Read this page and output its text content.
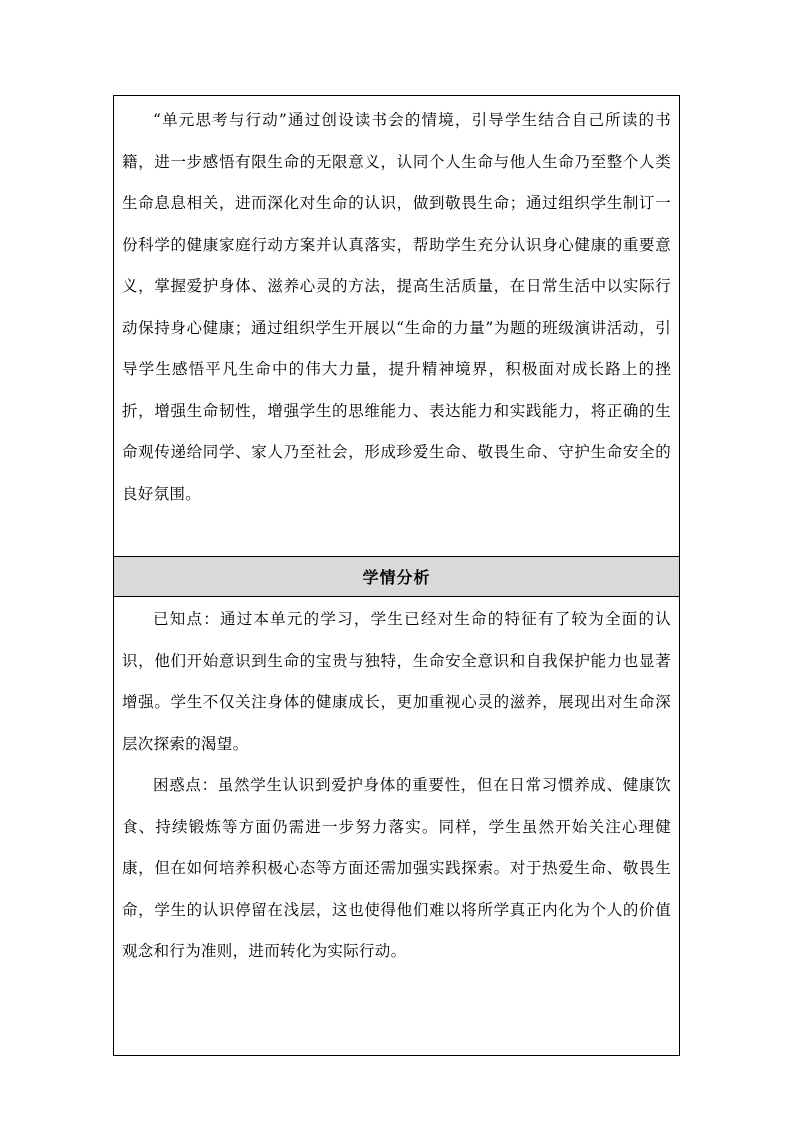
“单元思考与行动”通过创设读书会的情境，引导学生结合自己所读的书籍，进一步感悟有限生命的无限意义，认同个人生命与他人生命乃至整个人类生命息息相关，进而深化对生命的认识，做到敬畏生命；通过组织学生制订一份科学的健康家庭行动方案并认真落实，帮助学生充分认识身心健康的重要意义，掌握爱护身体、滋养心灵的方法，提高生活质量，在日常生活中以实际行动保持身心健康；通过组织学生开展以“生命的力量”为题的班级演讲活动，引导学生感悟平凡生命中的伟大力量，提升精神境界，积极面对成长路上的挫折，增强生命韧性，增强学生的思维能力、表达能力和实践能力，将正确的生命观传递给同学、家人乃至社会，形成珍爱生命、敬畏生命、守护生命安全的良好氛围。

学情分析

已知点：通过本单元的学习，学生已经对生命的特征有了较为全面的认识，他们开始意识到生命的宝贵与独特，生命安全意识和自我保护能力也显著增强。学生不仅关注身体的健康成长，更加重视心灵的滋养，展现出对生命深层次探索的渴望。

困惑点：虽然学生认识到爱护身体的重要性，但在日常习惯养成、健康饮食、持续锻炼等方面仍需进一步努力落实。同样，学生虽然开始关注心理健康，但在如何培养积极心态等方面还需加强实践探索。对于热爱生命、敬畏生命，学生的认识停留在浅层，这也使得他们难以将所学真正内化为个人的价值观念和行为准则，进而转化为实际行动。
